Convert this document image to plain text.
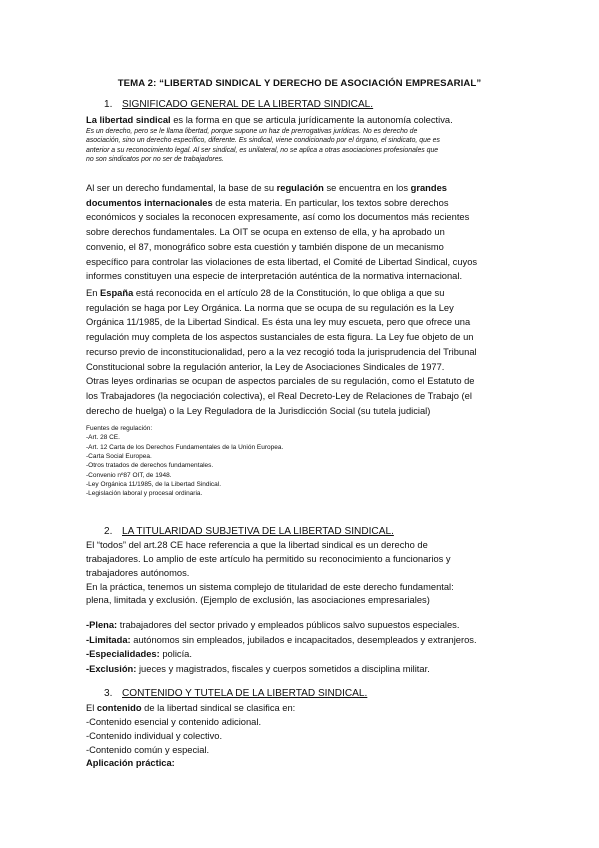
TEMA 2: “LIBERTAD SINDICAL Y DERECHO DE ASOCIACIÓN EMPRESARIAL”
1. SIGNIFICADO GENERAL DE LA LIBERTAD SINDICAL.

La libertad sindical es la forma en que se articula jurídicamente la autonomía colectiva.

Es un derecho, pero se le llama libertad, porque supone un haz de prerrogativas jurídicas. No es derecho de

asociación, sino un derecho específico, diferente. Es sindical, viene condicionado por el órgano, el sindicato, que es

anterior a su reconocimiento legal. Al ser sindical, es unilateral, no se aplica a otras asociaciones profesionales que

no son sindicatos por no ser de trabajadores.

Al ser un derecho fundamental, la base de su regulación se encuentra en los grandes

documentos internacionales de esta materia. En particular, los textos sobre derechos

económicos y sociales la reconocen expresamente, así como los documentos más recientes

sobre derechos fundamentales. La OIT se ocupa en extenso de ella, y ha aprobado un

convenio, el 87, monográfico sobre esta cuestión y también dispone de un mecanismo

específico para controlar las violaciones de esta libertad, el Comité de Libertad Sindical, cuyos

informes constituyen una especie de interpretación auténtica de la normativa internacional.

En España está reconocida en el artículo 28 de la Constitución, lo que obliga a que su

regulación se haga por Ley Orgánica. La norma que se ocupa de su regulación es la Ley

Orgánica 11/1985, de la Libertad Sindical. Es ésta una ley muy escueta, pero que ofrece una

regulación muy completa de los aspectos sustanciales de esta figura. La Ley fue objeto de un

recurso previo de inconstitucionalidad, pero a la vez recogió toda la jurisprudencia del Tribunal

Constitucional sobre la regulación anterior, la Ley de Asociaciones Sindicales de 1977.

Otras leyes ordinarias se ocupan de aspectos parciales de su regulación, como el Estatuto de

los Trabajadores (la negociación colectiva), el Real Decreto-Ley de Relaciones de Trabajo (el

derecho de huelga) o la Ley Reguladora de la Jurisdicción Social (su tutela judicial)

Fuentes de regulación:

-Art. 28 CE.

-Art. 12 Carta de los Derechos Fundamentales de la Unión Europea.

-Carta Social Europea.

-Otros tratados de derechos fundamentales.

-Convenio nº87 OIT, de 1948.

-Ley Orgánica 11/1985, de la Libertad Sindical.

-Legislación laboral y procesal ordinaria.

2. LA TITULARIDAD SUBJETIVA DE LA LIBERTAD SINDICAL.

El “todos” del art.28 CE hace referencia a que la libertad sindical es un derecho de

trabajadores. Lo amplio de este artículo ha permitido su reconocimiento a funcionarios y

trabajadores autónomos.

En la práctica, tenemos un sistema complejo de titularidad de este derecho fundamental:

plena, limitada y exclusión. (Ejemplo de exclusión, las asociaciones empresariales)

-Plena: trabajadores del sector privado y empleados públicos salvo supuestos especiales.

-Limitada: autónomos sin empleados, jubilados e incapacitados, desempleados y extranjeros.

-Especialidades: policía.

-Exclusión: jueces y magistrados, fiscales y cuerpos sometidos a disciplina militar.

3. CONTENIDO Y TUTELA DE LA LIBERTAD SINDICAL.

El contenido de la libertad sindical se clasifica en:

-Contenido esencial y contenido adicional.

-Contenido individual y colectivo.

-Contenido común y especial.

Aplicación práctica:
